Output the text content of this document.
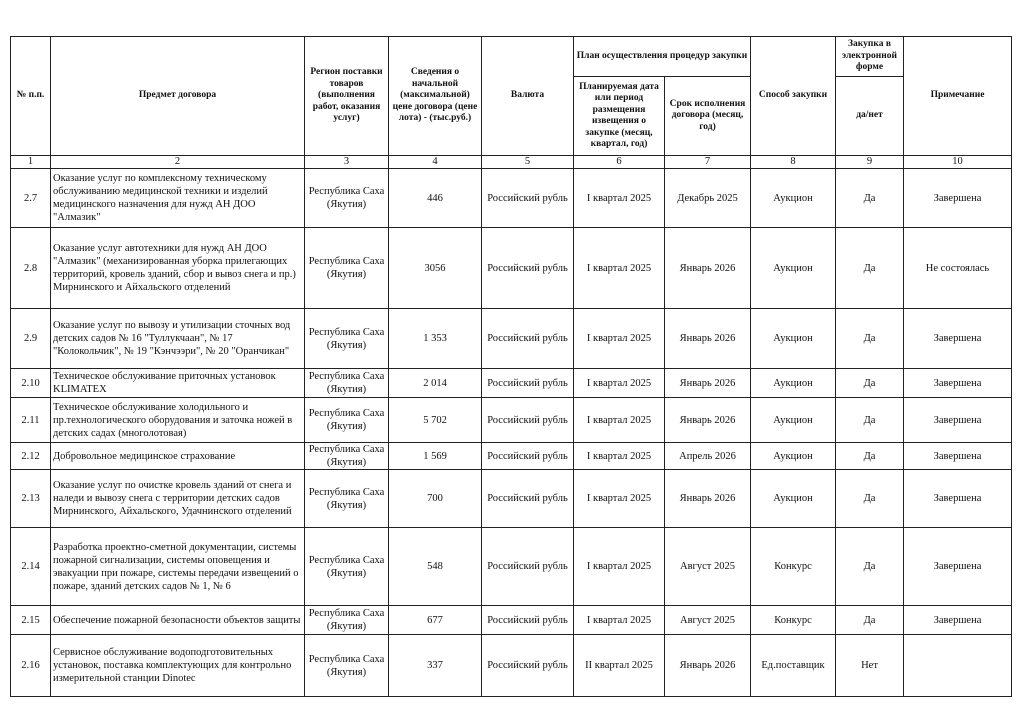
№ п.п.	Предмет договора	Регион поставки товаров (выполнения работ, оказания услуг)	Сведения о начальной (максимальной) цене договора (цене лота) - (тыс.руб.)	Валюта	План осуществления процедур закупки		Способ закупки	Закупка в электронной форме	Примечание
					Планируемая дата или период размещения извещения о закупке (месяц, квартал, год)	Срок исполнения договора (месяц, год)		да/нет	

1	2	3	4	5	6	7	8	9	10
2.7	Оказание услуг по комплексному техническому обслуживанию медицинской техники и изделий медицинского назначения для нужд АН ДОО "Алмазик"	Республика Саха (Якутия)	446	Российский рубль	I квартал 2025	Декабрь 2025	Аукцион	Да	Завершена
2.8	Оказание услуг автотехники для нужд АН ДОО "Алмазик" (механизированная уборка прилегающих территорий, кровель зданий, сбор и вывоз снега и пр.) Мирнинского и Айхальского отделений	Республика Саха (Якутия)	3056	Российский рубль	I квартал 2025	Январь 2026	Аукцион	Да	Не состоялась
2.9	Оказание услуг по вывозу и утилизации сточных вод детских садов № 16 "Туллукчаан", № 17 "Колокольчик", № 19 "Кэнчээри", № 20 "Оранчикан"	Республика Саха (Якутия)	1 353	Российский рубль	I квартал 2025	Январь 2026	Аукцион	Да	Завершена
2.10	Техническое обслуживание приточных установок KLIMATEX	Республика Саха (Якутия)	2 014	Российский рубль	I квартал 2025	Январь 2026	Аукцион	Да	Завершена
2.11	Техническое обслуживание холодильного и пр.технологического оборудования и заточка ножей в детских садах (многолотовая)	Республика Саха (Якутия)	5 702	Российский рубль	I квартал 2025	Январь 2026	Аукцион	Да	Завершена
2.12	Добровольное медицинское страхование	Республика Саха (Якутия)	1 569	Российский рубль	I квартал 2025	Апрель 2026	Аукцион	Да	Завершена
2.13	Оказание услуг по очистке кровель зданий от снега и наледи и вывозу снега с территории детских садов Мирнинского, Айхальского, Удачнинского отделений	Республика Саха (Якутия)	700	Российский рубль	I квартал 2025	Январь 2026	Аукцион	Да	Завершена
2.14	Разработка проектно-сметной документации, системы пожарной сигнализации, системы оповещения и эвакуации при пожаре, системы передачи извещений о пожаре, зданий детских садов № 1, № 6	Республика Саха (Якутия)	548	Российский рубль	I квартал 2025	Август 2025	Конкурс	Да	Завершена
2.15	Обеспечение пожарной безопасности объектов защиты	Республика Саха (Якутия)	677	Российский рубль	I квартал 2025	Август 2025	Конкурс	Да	Завершена
2.16	Сервисное обслуживание водоподготовительных установок, поставка комплектующих для контрольно измерительной станции Dinotec	Республика Саха (Якутия)	337	Российский рубль	II квартал 2025	Январь 2026	Ед.поставщик	Нет	
